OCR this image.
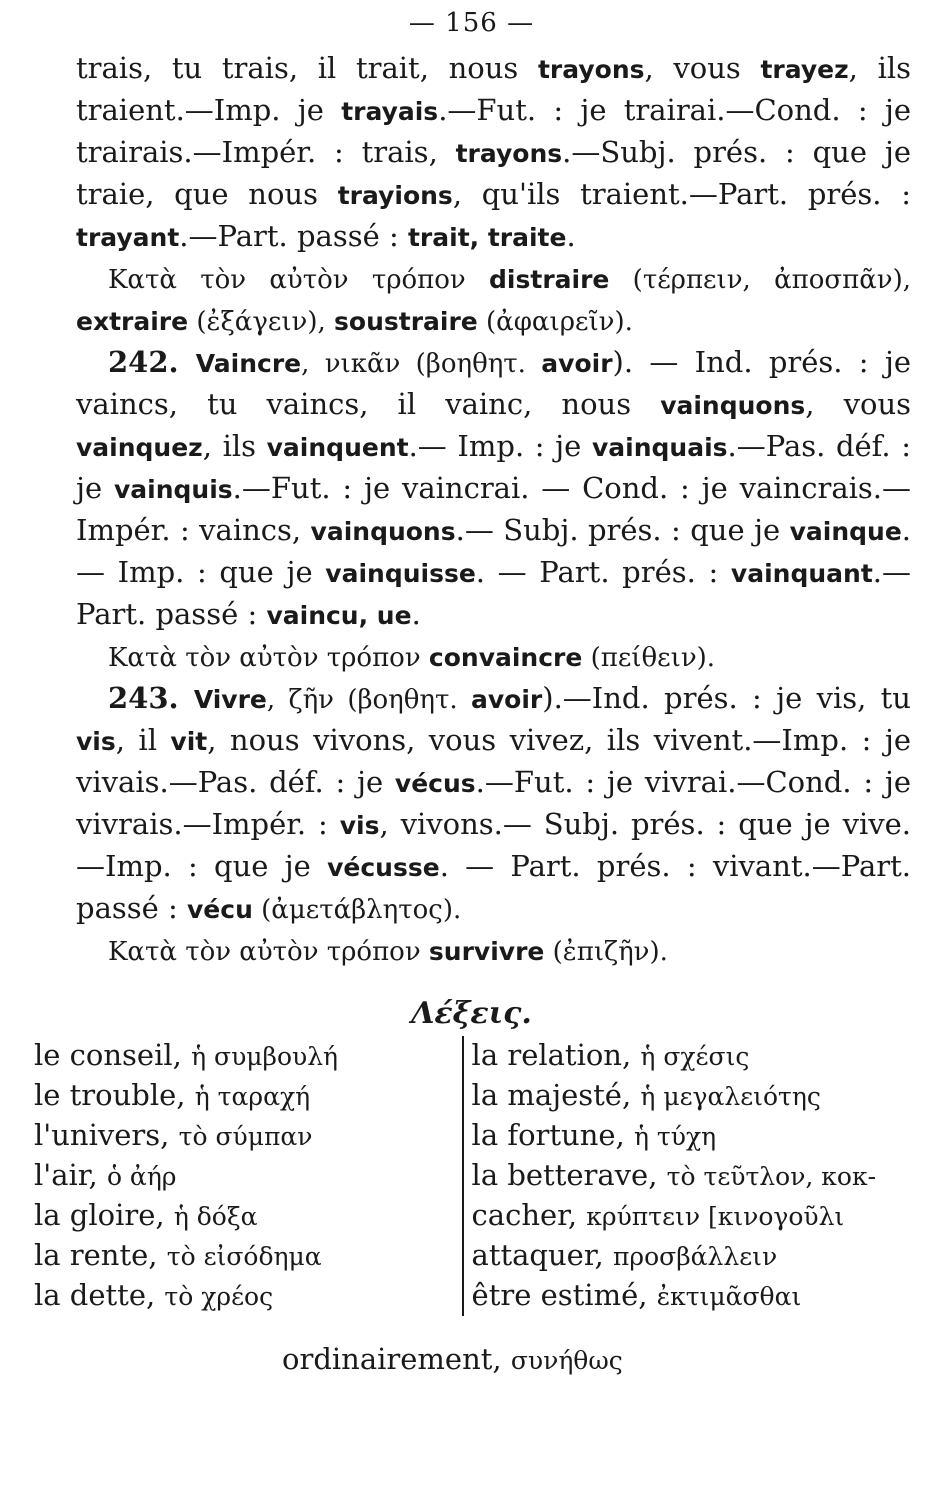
— 156 —

trais, tu trais, il trait, nous trayons, vous trayez, ils traient.—Imp. je trayais.—Fut. : je trairai.—Cond. : je trairais.—Impér. : trais, trayons.—Subj. prés. : que je traie, que nous trayions, qu'ils traient.—Part. prés. : trayant.—Part. passé : trait, traite.

Κατὰ τὸν αὐτὸν τρόπον distraire (τέρπειν, ἀποσπᾶν), extraire (ἐξάγειν), soustraire (ἀφαιρεῖν).

242. Vaincre, νικᾶν (βοηθητ. avoir). — Ind. prés. : je vaincs, tu vaincs, il vainc, nous vainquons, vous vainquez, ils vainquent.— Imp. : je vainquais.—Pas. déf. : je vainquis.—Fut. : je vaincrai. — Cond. : je vaincrais.—Impér. : vaincs, vainquons.— Subj. prés. : que je vainque. — Imp. : que je vainquisse. — Part. prés. : vainquant.—Part. passé : vaincu, ue.

Κατὰ τὸν αὐτὸν τρόπον convaincre (πείθειν).

243. Vivre, ζῆν (βοηθητ. avoir).—Ind. prés. : je vis, tu vis, il vit, nous vivons, vous vivez, ils vivent.—Imp. : je vivais.—Pas. déf. : je vécus.—Fut. : je vivrai.—Cond. : je vivrais.—Impér. : vis, vivons.— Subj. prés. : que je vive.—Imp. : que je vécusse. — Part. prés. : vivant.—Part. passé : vécu (ἀμετάβλητος).

Κατὰ τὸν αὐτὸν τρόπον survivre (ἐπιζῆν).

Λέξεις.
le conseil, ἡ συμβουλή
le trouble, ἡ ταραχή
l'univers, τὸ σύμπαν
l'air, ὁ ἀήρ
la gloire, ἡ δόξα
la rente, τὸ εἰσόδημα
la dette, τὸ χρέος
la relation, ἡ σχέσις
la majesté, ἡ μεγαλειότης
la fortune, ἡ τύχη
la betterave, τὸ τεῦτλον, κοκ-
cacher, κρύπτειν [κινογοῦλι
attaquer, προσβάλλειν
être estimé, ἐκτιμᾶσθαι
ordinairement, συνήθως
